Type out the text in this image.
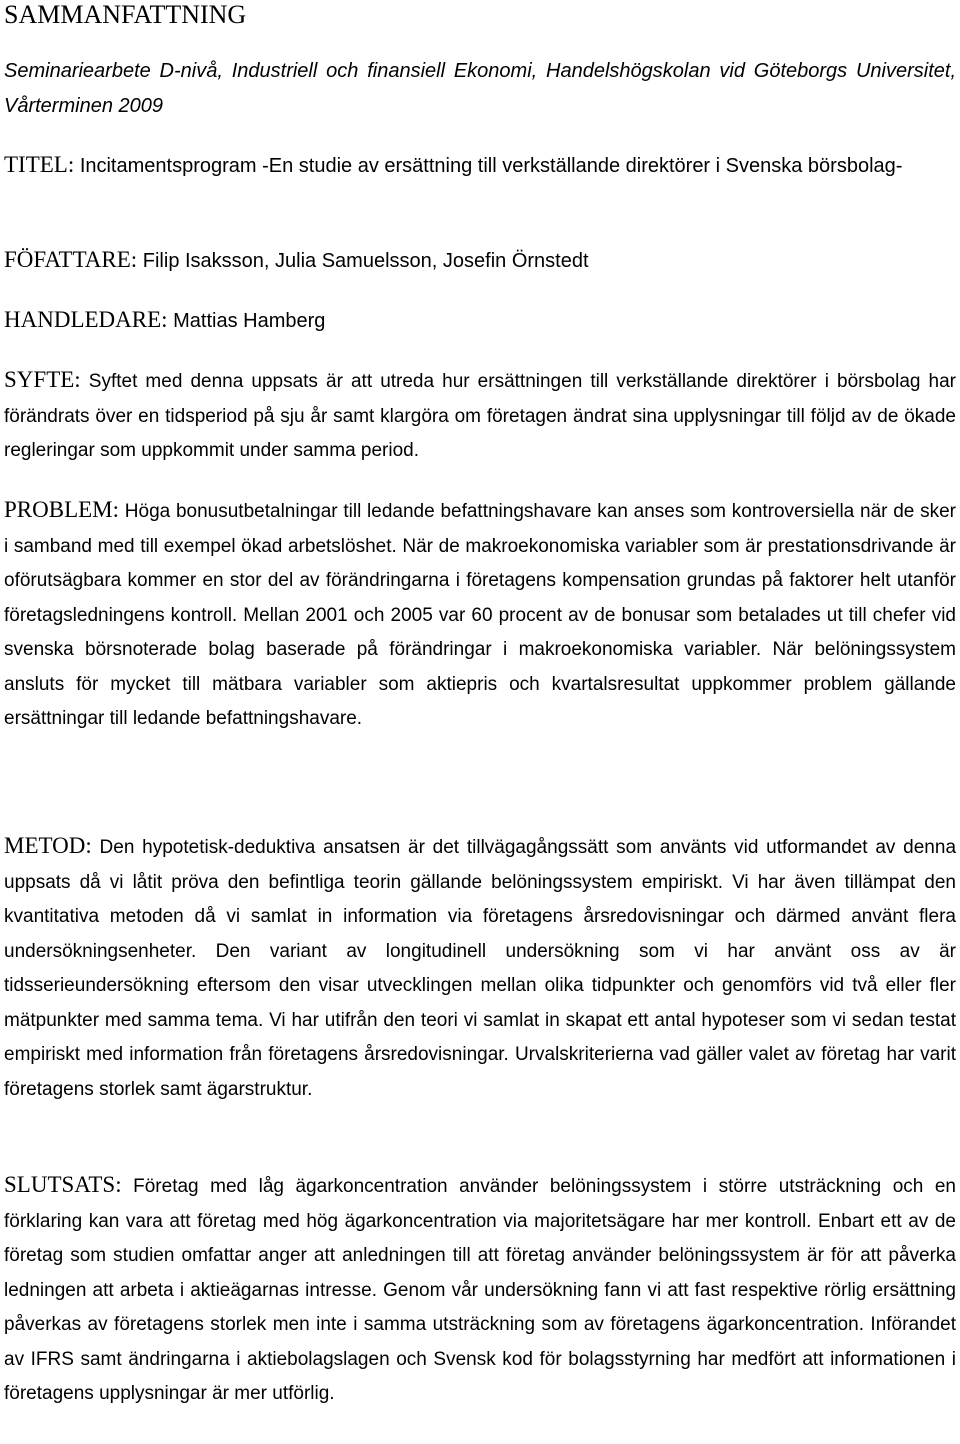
SAMMANFATTNING

Seminariearbete D-nivå, Industriell och finansiell Ekonomi, Handelshögskolan vid Göteborgs Universitet, Vårterminen 2009

TITEL: Incitamentsprogram -En studie av ersättning till verkställande direktörer i Svenska börsbolag-

FÖFATTARE: Filip Isaksson, Julia Samuelsson, Josefin Örnstedt

HANDLEDARE: Mattias Hamberg

SYFTE: Syftet med denna uppsats är att utreda hur ersättningen till verkställande direktörer i börsbolag har förändrats över en tidsperiod på sju år samt klargöra om företagen ändrat sina upplysningar till följd av de ökade regleringar som uppkommit under samma period.

PROBLEM: Höga bonusutbetalningar till ledande befattningshavare kan anses som kontroversiella när de sker i samband med till exempel ökad arbetslöshet. När de makroekonomiska variabler som är prestationsdrivande är oförutsägbara kommer en stor del av förändringarna i företagens kompensation grundas på faktorer helt utanför företagsledningens kontroll. Mellan 2001 och 2005 var 60 procent av de bonusar som betalades ut till chefer vid svenska börsnoterade bolag baserade på förändringar i makroekonomiska variabler. När belöningssystem ansluts för mycket till mätbara variabler som aktiepris och kvartalsresultat uppkommer problem gällande ersättningar till ledande befattningshavare.

METOD: Den hypotetisk-deduktiva ansatsen är det tillvägagångssätt som använts vid utformandet av denna uppsats då vi låtit pröva den befintliga teorin gällande belöningssystem empiriskt. Vi har även tillämpat den kvantitativa metoden då vi samlat in information via företagens årsredovisningar och därmed använt flera undersökningsenheter. Den variant av longitudinell undersökning som vi har använt oss av är tidsserieundersökning eftersom den visar utvecklingen mellan olika tidpunkter och genomförs vid två eller fler mätpunkter med samma tema. Vi har utifrån den teori vi samlat in skapat ett antal hypoteser som vi sedan testat empiriskt med information från företagens årsredovisningar. Urvalskriterierna vad gäller valet av företag har varit företagens storlek samt ägarstruktur.

SLUTSATS: Företag med låg ägarkoncentration använder belöningssystem i större utsträckning och en förklaring kan vara att företag med hög ägarkoncentration via majoritetsägare har mer kontroll. Enbart ett av de företag som studien omfattar anger att anledningen till att företag använder belöningssystem är för att påverka ledningen att arbeta i aktieägarnas intresse. Genom vår undersökning fann vi att fast respektive rörlig ersättning påverkas av företagens storlek men inte i samma utsträckning som av företagens ägarkoncentration. Införandet av IFRS samt ändringarna i aktiebolagslagen och Svensk kod för bolagsstyrning har medfört att informationen i företagens upplysningar är mer utförlig.
